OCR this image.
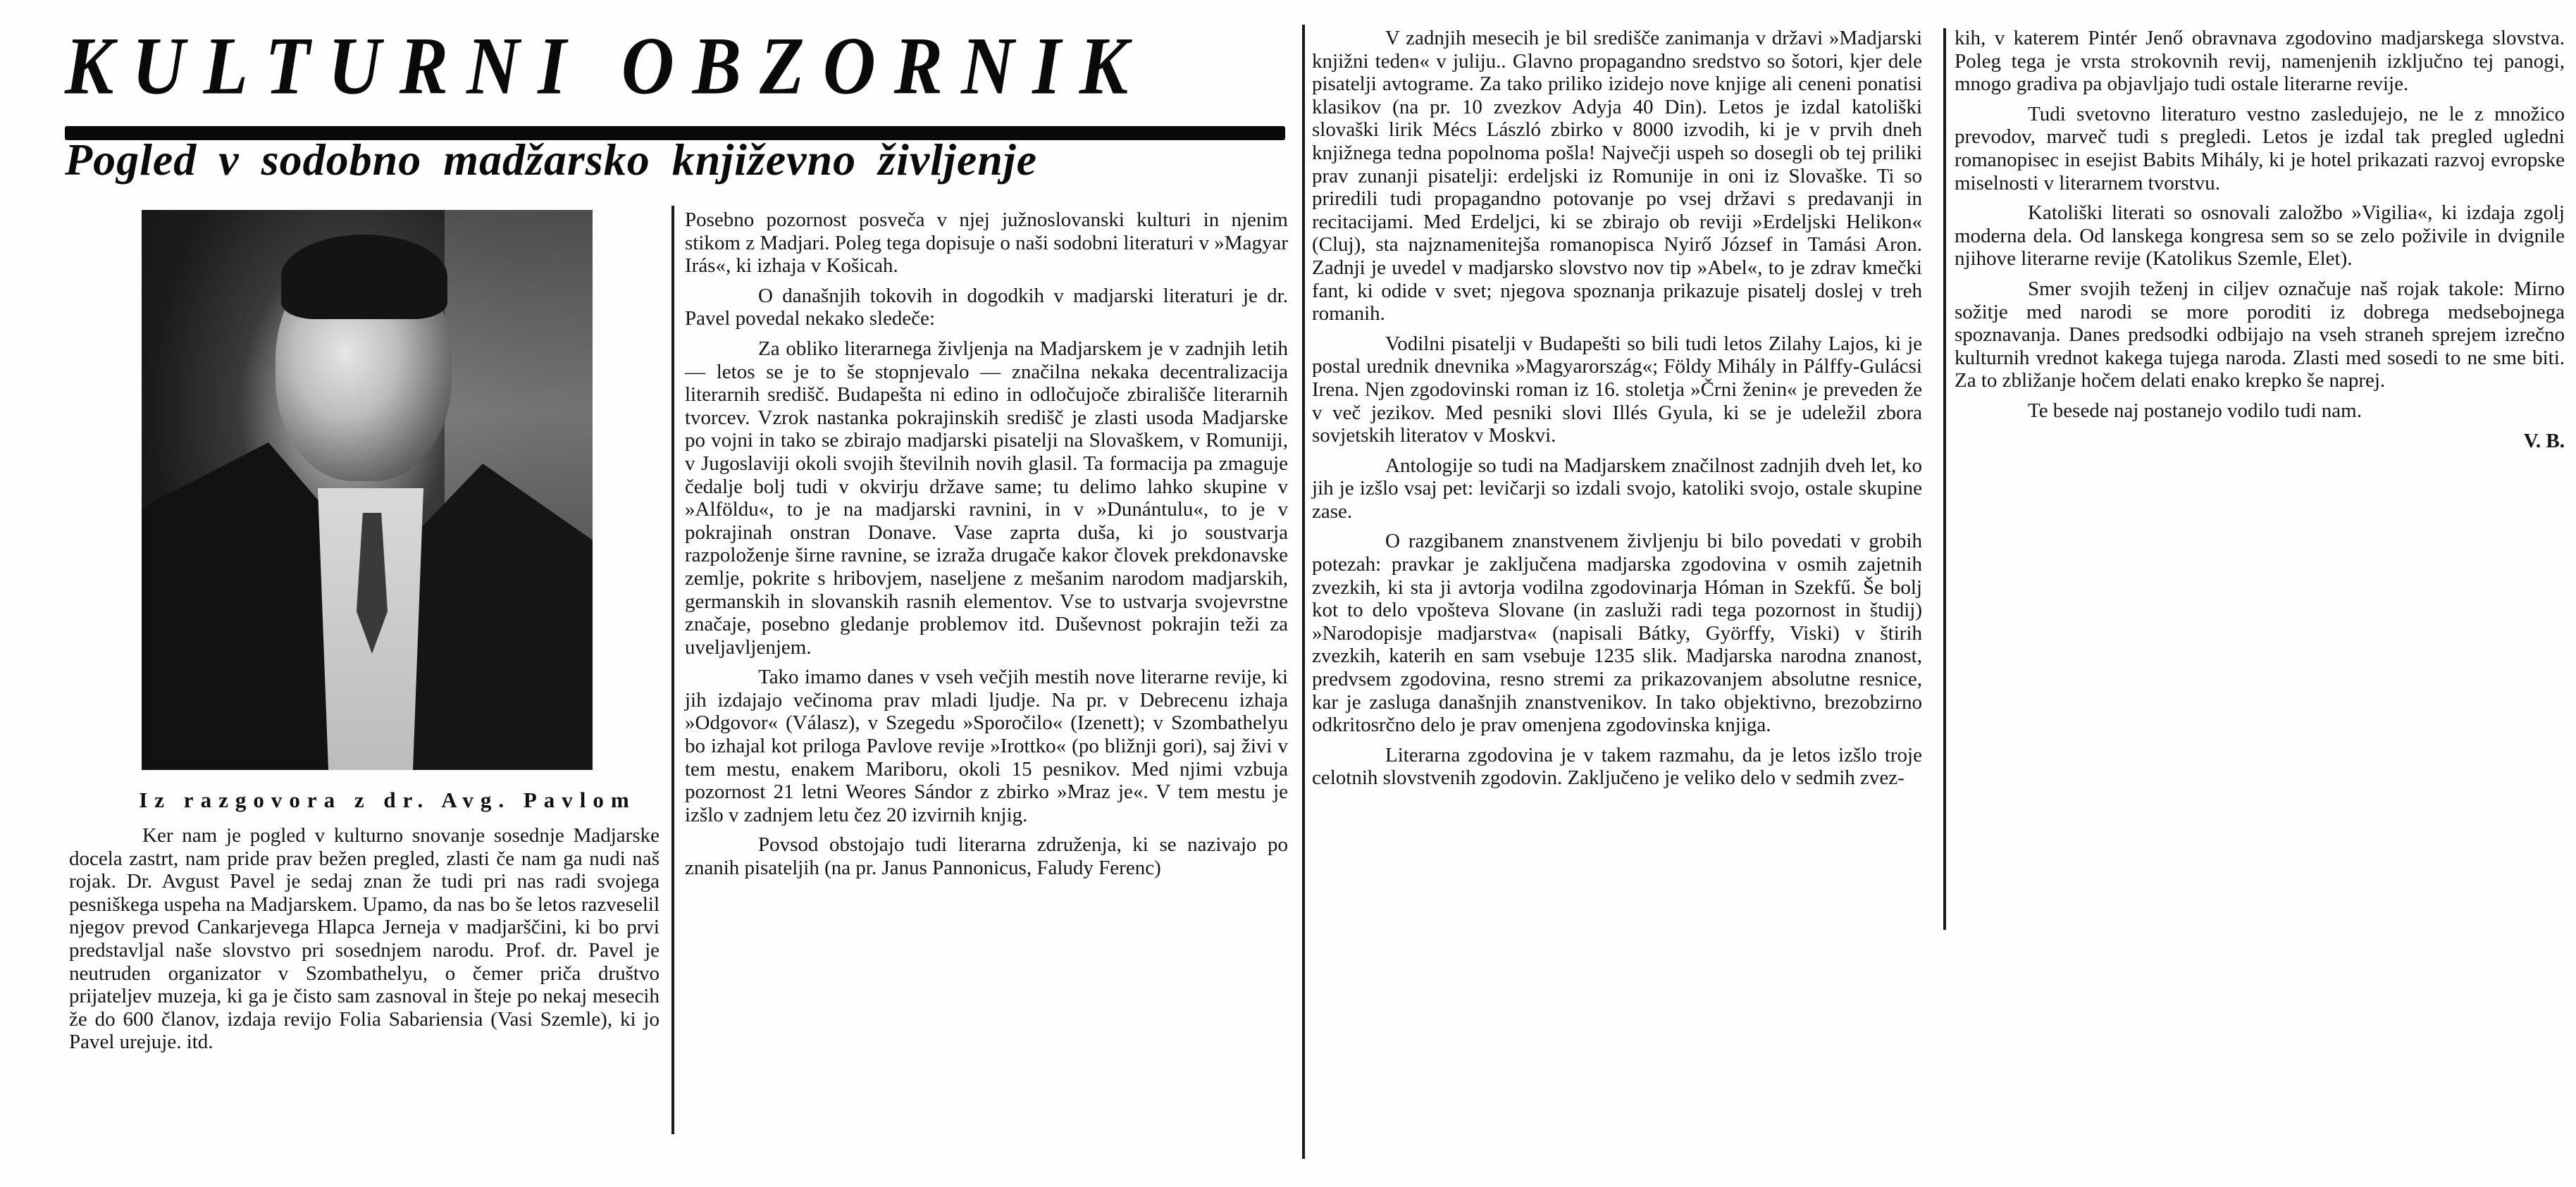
KULTURNI OBZORNIK
Pogled v sodobno madžarsko književno življenje
Iz razgovora z dr. Avg. Pavlom

Ker nam je pogled v kulturno snovanje sosednje Madjarske docela zastrt, nam pride prav bežen pregled, zlasti če nam ga nudi naš rojak. Dr. Avgust Pavel je sedaj znan že tudi pri nas radi svojega pesniškega uspeha na Madjarskem. Upamo, da nas bo še letos razveselil njegov prevod Cankarjevega Hlapca Jerneja v madjarščini, ki bo prvi predstavljal naše slovstvo pri sosednjem narodu. Prof. dr. Pavel je neutruden organizator v Szombathelyu, o čemer priča društvo prijateljev muzeja, ki ga je čisto sam zasnoval in šteje po nekaj mesecih že do 600 članov, izdaja revijo Folia Sabariensia (Vasi Szemle), ki jo Pavel urejuje. itd.

Posebno pozornost posveča v njej južnoslovanski kulturi in njenim stikom z Madjari. Poleg tega dopisuje o naši sodobni literaturi v »Magyar Irás«, ki izhaja v Košicah.

O današnjih tokovih in dogodkih v madjarski literaturi je dr. Pavel povedal nekako sledeče:

Za obliko literarnega življenja na Madjarskem je v zadnjih letih — letos se je to še stopnjevalo — značilna nekaka decentralizacija literarnih središč. Budapešta ni edino in odločujoče zbirališče literarnih tvorcev. Vzrok nastanka pokrajinskih središč je zlasti usoda Madjarske po vojni in tako se zbirajo madjarski pisatelji na Slovaškem, v Romuniji, v Jugoslaviji okoli svojih številnih novih glasil. Ta formacija pa zmaguje čedalje bolj tudi v okvirju države same; tu delimo lahko skupine v »Alföldu«, to je na madjarski ravnini, in v »Dunántulu«, to je v pokrajinah onstran Donave. Vase zaprta duša, ki jo soustvarja razpoloženje širne ravnine, se izraža drugače kakor človek prekdonavske zemlje, pokrite s hribovjem, naseljene z mešanim narodom madjarskih, germanskih in slovanskih rasnih elementov. Vse to ustvarja svojevrstne značaje, posebno gledanje problemov itd. Duševnost pokrajin teži za uveljavljenjem.

Tako imamo danes v vseh večjih mestih nove literarne revije, ki jih izdajajo večinoma prav mladi ljudje. Na pr. v Debrecenu izhaja »Odgovor« (Válasz), v Szegedu »Sporočilo« (Izenett); v Szombathelyu bo izhajal kot priloga Pavlove revije »Irottko« (po bližnji gori), saj živi v tem mestu, enakem Mariboru, okoli 15 pesnikov. Med njimi vzbuja pozornost 21 letni Weores Sándor z zbirko »Mraz je«. V tem mestu je izšlo v zadnjem letu čez 20 izvirnih knjig.

Povsod obstojajo tudi literarna združenja, ki se nazivajo po znanih pisateljih (na pr. Janus Pannonicus, Faludy Ferenc)

V zadnjih mesecih je bil središče zanimanja v državi »Madjarski knjižni teden« v juliju.. Glavno propagandno sredstvo so šotori, kjer dele pisatelji avtograme. Za tako priliko izidejo nove knjige ali ceneni ponatisi klasikov (na pr. 10 zvezkov Adyja 40 Din). Letos je izdal katoliški slovaški lirik Mécs László zbirko v 8000 izvodih, ki je v prvih dneh knjižnega tedna popolnoma pošla! Največji uspeh so dosegli ob tej priliki prav zunanji pisatelji: erdeljski iz Romunije in oni iz Slovaške. Ti so priredili tudi propagandno potovanje po vsej državi s predavanji in recitacijami. Med Erdeljci, ki se zbirajo ob reviji »Erdeljski Helikon« (Cluj), sta najznamenitejša romanopisca Nyirő József in Tamási Aron. Zadnji je uvedel v madjarsko slovstvo nov tip »Abel«, to je zdrav kmečki fant, ki odide v svet; njegova spoznanja prikazuje pisatelj doslej v treh romanih.

Vodilni pisatelji v Budapešti so bili tudi letos Zilahy Lajos, ki je postal urednik dnevnika »Magyarország«; Földy Mihály in Pálffy-Gulácsi Irena. Njen zgodovinski roman iz 16. stoletja »Črni ženin« je preveden že v več jezikov. Med pesniki slovi Illés Gyula, ki se je udeležil zbora sovjetskih literatov v Moskvi.

Antologije so tudi na Madjarskem značilnost zadnjih dveh let, ko jih je izšlo vsaj pet: levičarji so izdali svojo, katoliki svojo, ostale skupine zase.

O razgibanem znanstvenem življenju bi bilo povedati v grobih potezah: pravkar je zaključena madjarska zgodovina v osmih zajetnih zvezkih, ki sta ji avtorja vodilna zgodovinarja Hóman in Szekfű. Še bolj kot to delo vpošteva Slovane (in zasluži radi tega pozornost in študij) »Narodopisje madjarstva« (napisali Bátky, Györffy, Viski) v štirih zvezkih, katerih en sam vsebuje 1235 slik. Madjarska narodna znanost, predvsem zgodovina, resno stremi za prikazovanjem absolutne resnice, kar je zasluga današnjih znanstvenikov. In tako objektivno, brezobzirno odkritosrčno delo je prav omenjena zgodovinska knjiga.

Literarna zgodovina je v takem razmahu, da je letos izšlo troje celotnih slovstvenih zgodovin. Zaključeno je veliko delo v sedmih zvez-

kih, v katerem Pintér Jenő obravnava zgodovino madjarskega slovstva. Poleg tega je vrsta strokovnih revij, namenjenih izključno tej panogi, mnogo gradiva pa objavljajo tudi ostale literarne revije.

Tudi svetovno literaturo vestno zasledujejo, ne le z množico prevodov, marveč tudi s pregledi. Letos je izdal tak pregled ugledni romanopisec in esejist Babits Mihály, ki je hotel prikazati razvoj evropske miselnosti v literarnem tvorstvu.

Katoliški literati so osnovali založbo »Vigilia«, ki izdaja zgolj moderna dela. Od lanskega kongresa sem so se zelo poživile in dvignile njihove literarne revije (Katolikus Szemle, Elet).

Smer svojih teženj in ciljev označuje naš rojak takole: Mirno sožitje med narodi se more poroditi iz dobrega medsebojnega spoznavanja. Danes predsodki odbijajo na vseh straneh sprejem izrečno kulturnih vrednot kakega tujega naroda. Zlasti med sosedi to ne sme biti. Za to zbližanje hočem delati enako krepko še naprej.

Te besede naj postanejo vodilo tudi nam.

V. B.
